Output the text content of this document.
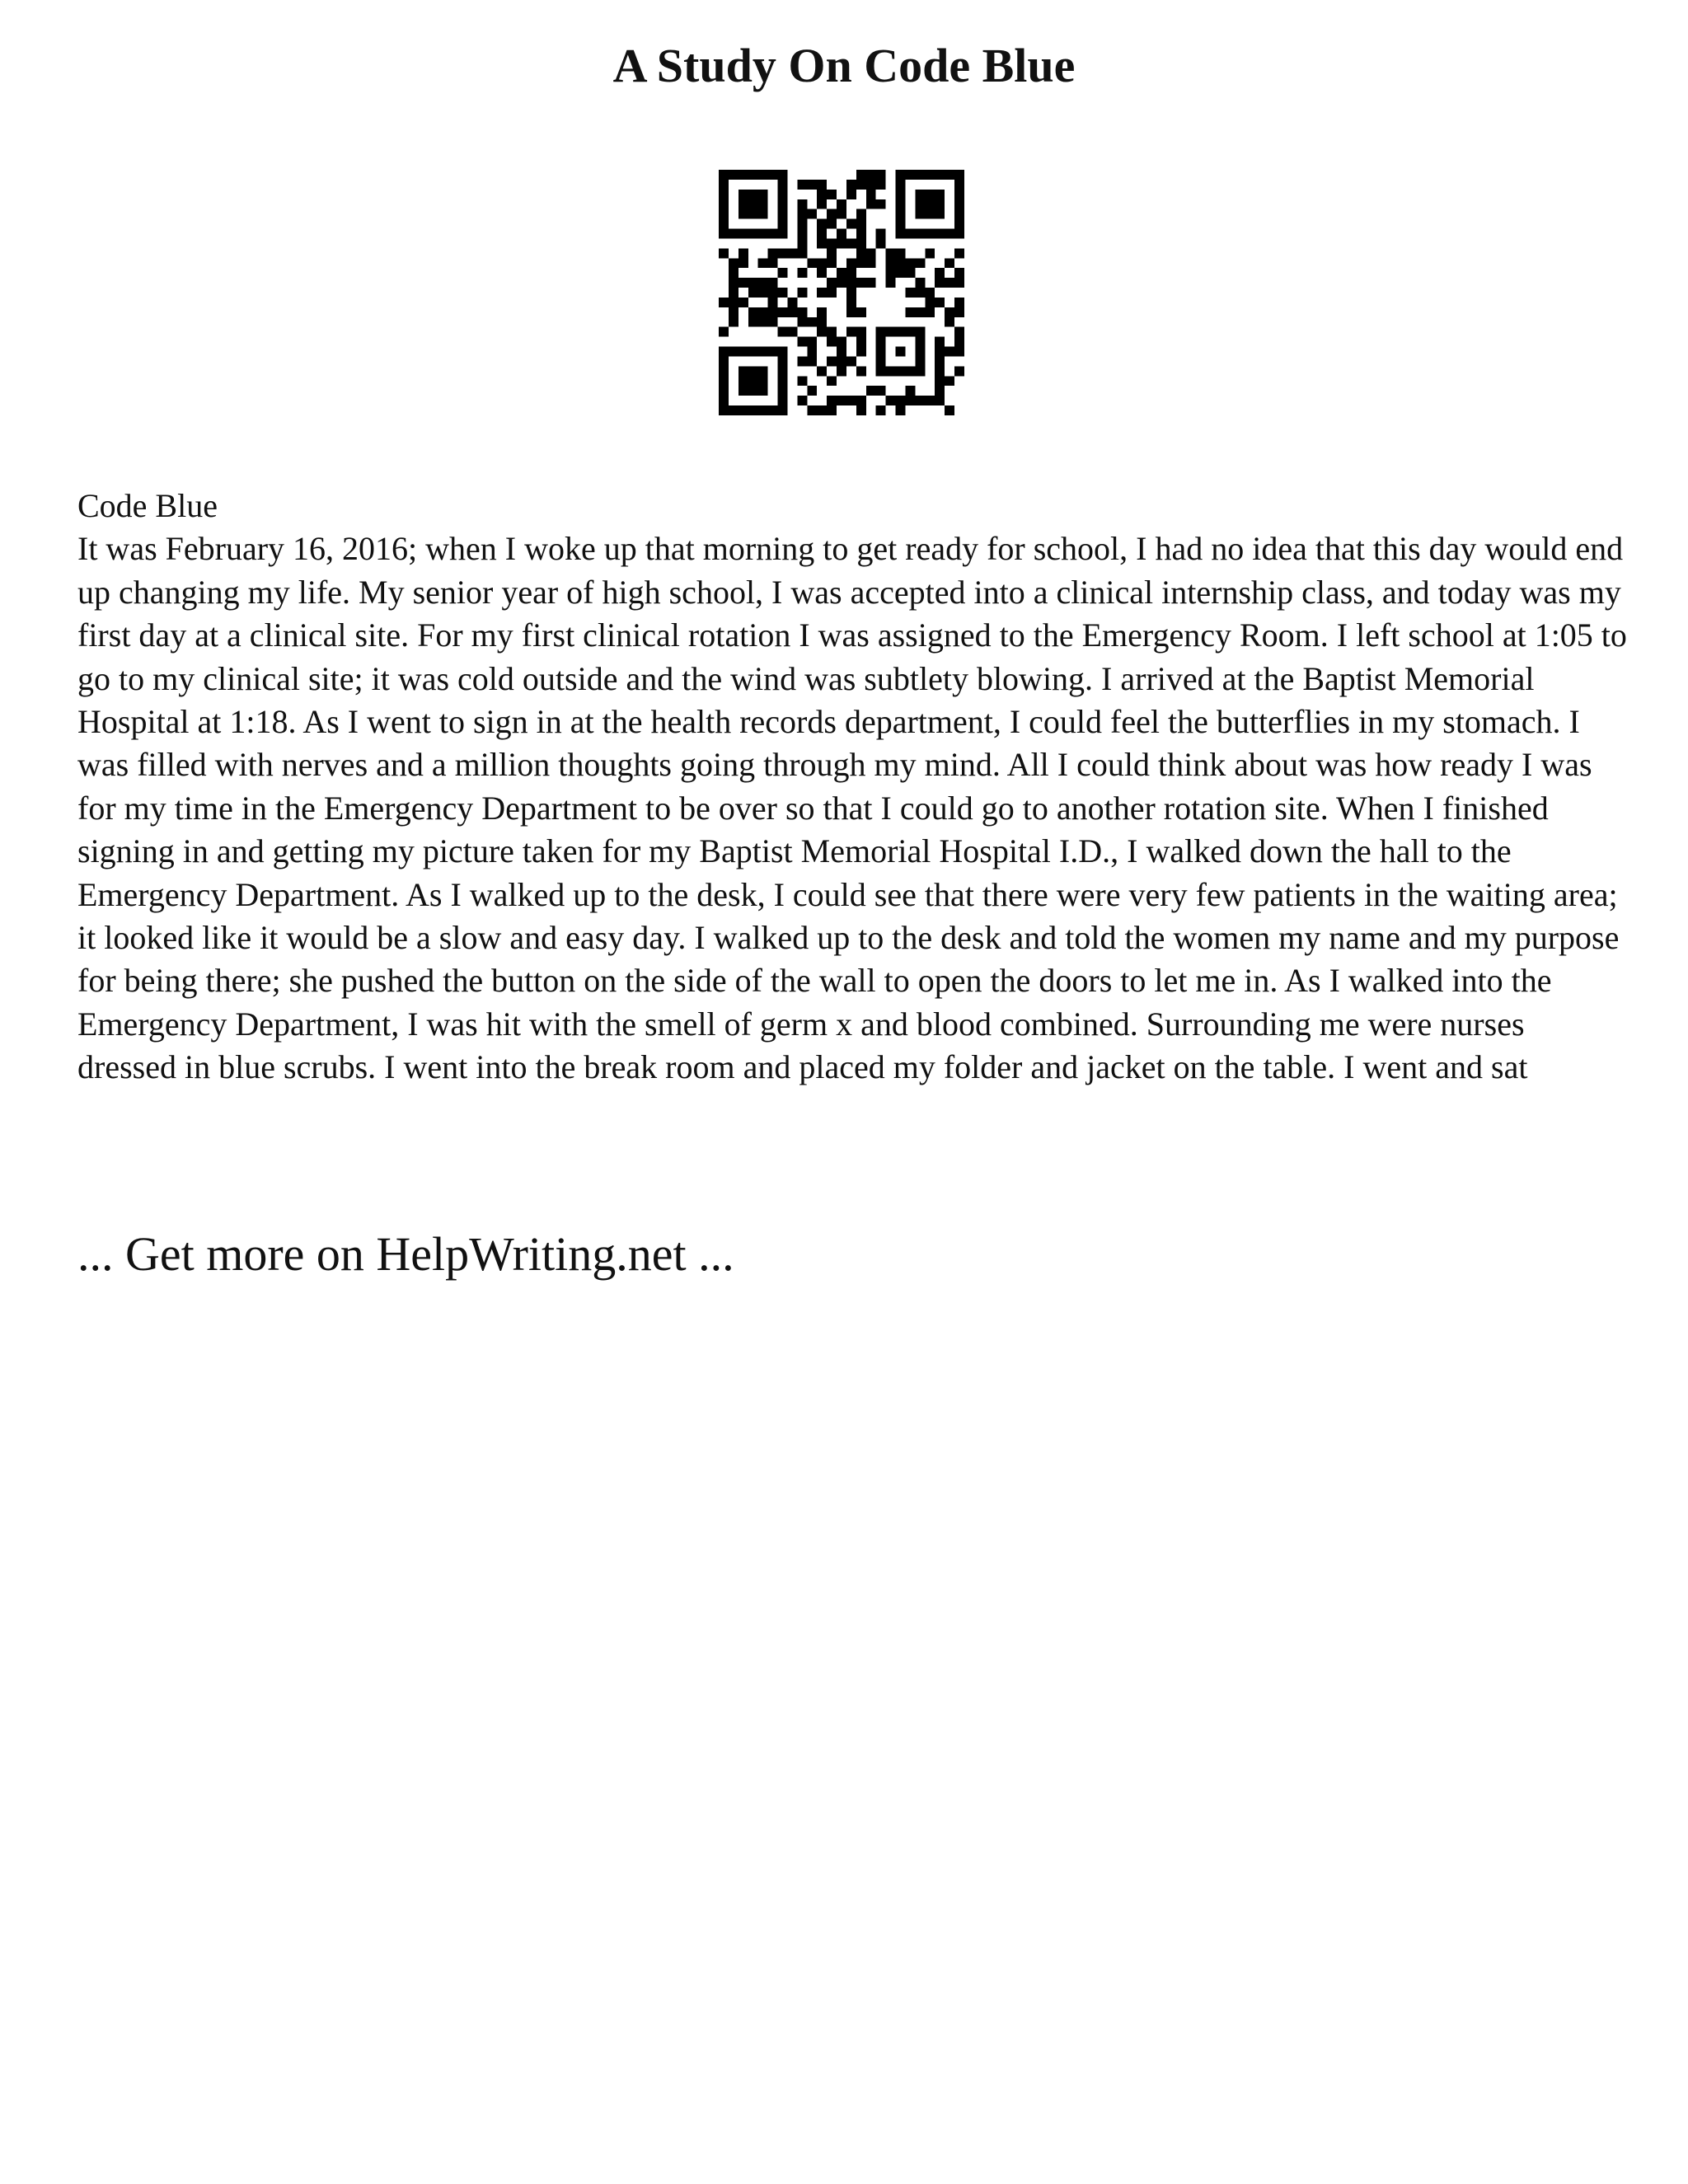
A Study On Code Blue

Code Blue

It was February 16, 2016; when I woke up that morning to get ready for school, I had no idea that this day would end up changing my life. My senior year of high school, I was accepted into a clinical internship class, and today was my first day at a clinical site. For my first clinical rotation I was assigned to the Emergency Room. I left school at 1:05 to go to my clinical site; it was cold outside and the wind was subtlety blowing. I arrived at the Baptist Memorial Hospital at 1:18. As I went to sign in at the health records department, I could feel the butterflies in my stomach. I was filled with nerves and a million thoughts going through my mind. All I could think about was how ready I was for my time in the Emergency Department to be over so that I could go to another rotation site. When I finished signing in and getting my picture taken for my Baptist Memorial Hospital I.D., I walked down the hall to the Emergency Department. As I walked up to the desk, I could see that there were very few patients in the waiting area; it looked like it would be a slow and easy day. I walked up to the desk and told the women my name and my purpose for being there; she pushed the button on the side of the wall to open the doors to let me in. As I walked into the Emergency Department, I was hit with the smell of germ x and blood combined. Surrounding me were nurses dressed in blue scrubs. I went into the break room and placed my folder and jacket on the table. I went and sat

... Get more on HelpWriting.net ...
